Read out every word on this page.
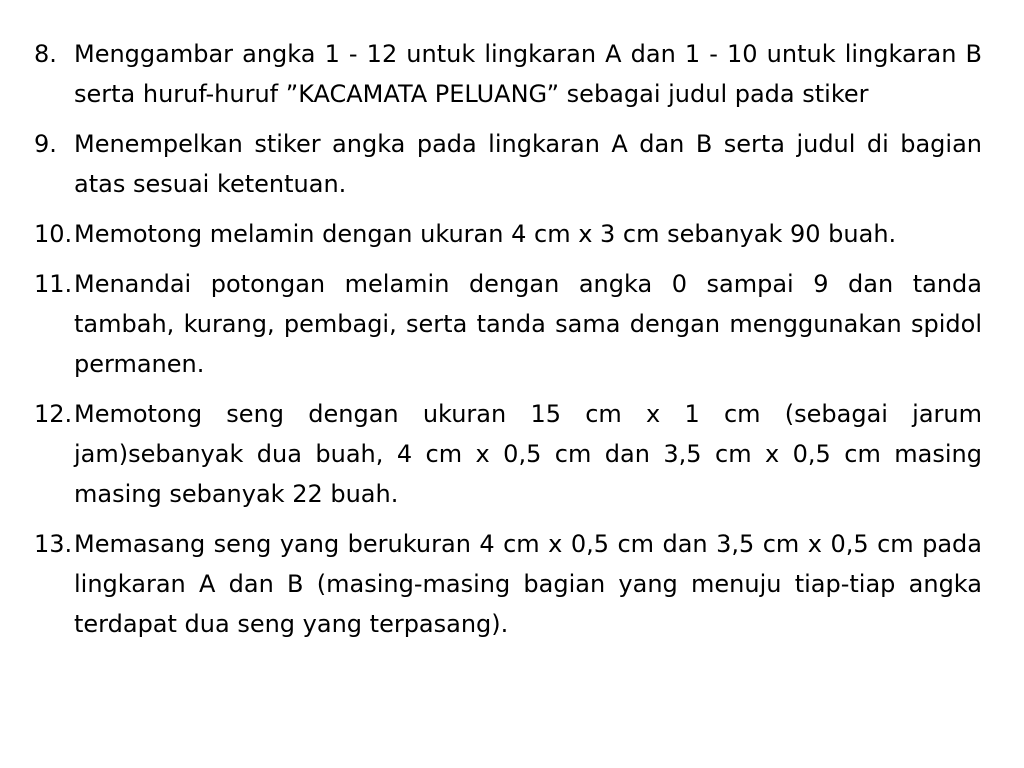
8. Menggambar angka 1 - 12 untuk lingkaran A dan 1 - 10 untuk lingkaran B serta huruf-huruf ”KACAMATA PELUANG” sebagai judul pada stiker
9. Menempelkan stiker angka pada lingkaran A dan B serta judul di bagian atas sesuai ketentuan.
10. Memotong melamin dengan ukuran 4 cm x 3 cm sebanyak 90 buah.
11. Menandai potongan melamin dengan angka 0 sampai 9 dan tanda tambah, kurang, pembagi, serta tanda sama dengan menggunakan spidol permanen.
12. Memotong seng dengan ukuran 15 cm x 1 cm (sebagai jarum jam)sebanyak dua buah, 4 cm x 0,5 cm dan 3,5 cm x 0,5 cm masing masing sebanyak 22 buah.
13. Memasang seng yang berukuran 4 cm x 0,5 cm dan 3,5 cm x 0,5 cm pada lingkaran A dan B (masing-masing bagian yang menuju tiap-tiap angka terdapat dua seng yang terpasang).
